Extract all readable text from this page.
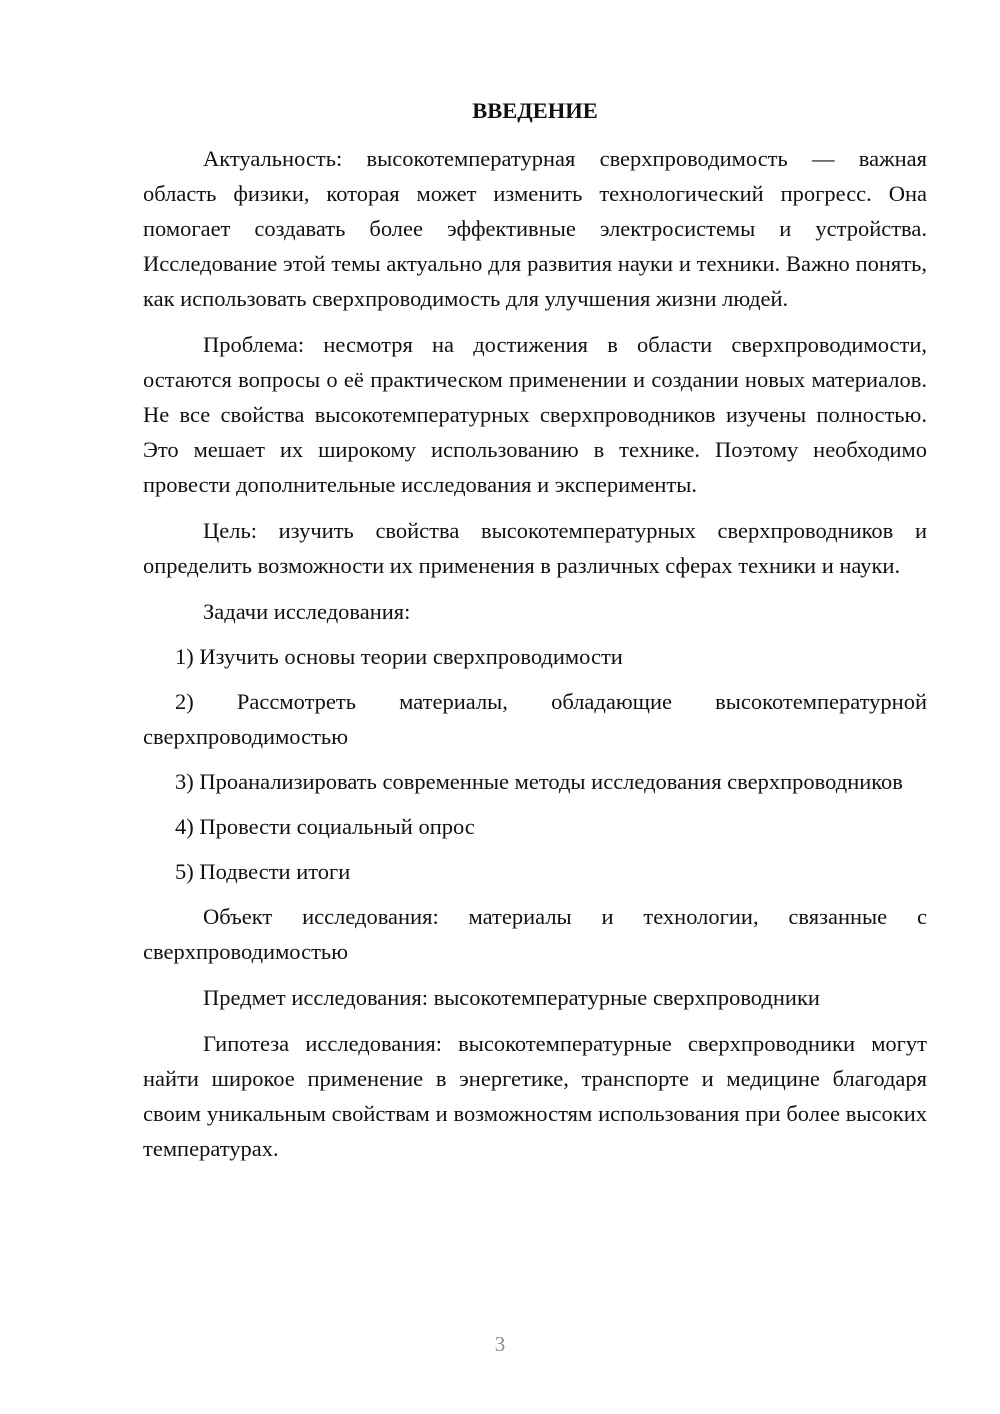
ВВЕДЕНИЕ

Актуальность: высокотемпературная сверхпроводимость — важная область физики, которая может изменить технологический прогресс. Она помогает создавать более эффективные электросистемы и устройства. Исследование этой темы актуально для развития науки и техники. Важно понять, как использовать сверхпроводимость для улучшения жизни людей.

Проблема: несмотря на достижения в области сверхпроводимости, остаются вопросы о её практическом применении и создании новых материалов. Не все свойства высокотемпературных сверхпроводников изучены полностью. Это мешает их широкому использованию в технике. Поэтому необходимо провести дополнительные исследования и эксперименты.

Цель: изучить свойства высокотемпературных сверхпроводников и определить возможности их применения в различных сферах техники и науки.

Задачи исследования:

1) Изучить основы теории сверхпроводимости

2) Рассмотреть материалы, обладающие высокотемпературной сверхпроводимостью

3) Проанализировать современные методы исследования сверхпроводников

4) Провести социальный опрос

5) Подвести итоги

Объект исследования: материалы и технологии, связанные с сверхпроводимостью

Предмет исследования: высокотемпературные сверхпроводники

Гипотеза исследования: высокотемпературные сверхпроводники могут найти широкое применение в энергетике, транспорте и медицине благодаря своим уникальным свойствам и возможностям использования при более высоких температурах.

3
